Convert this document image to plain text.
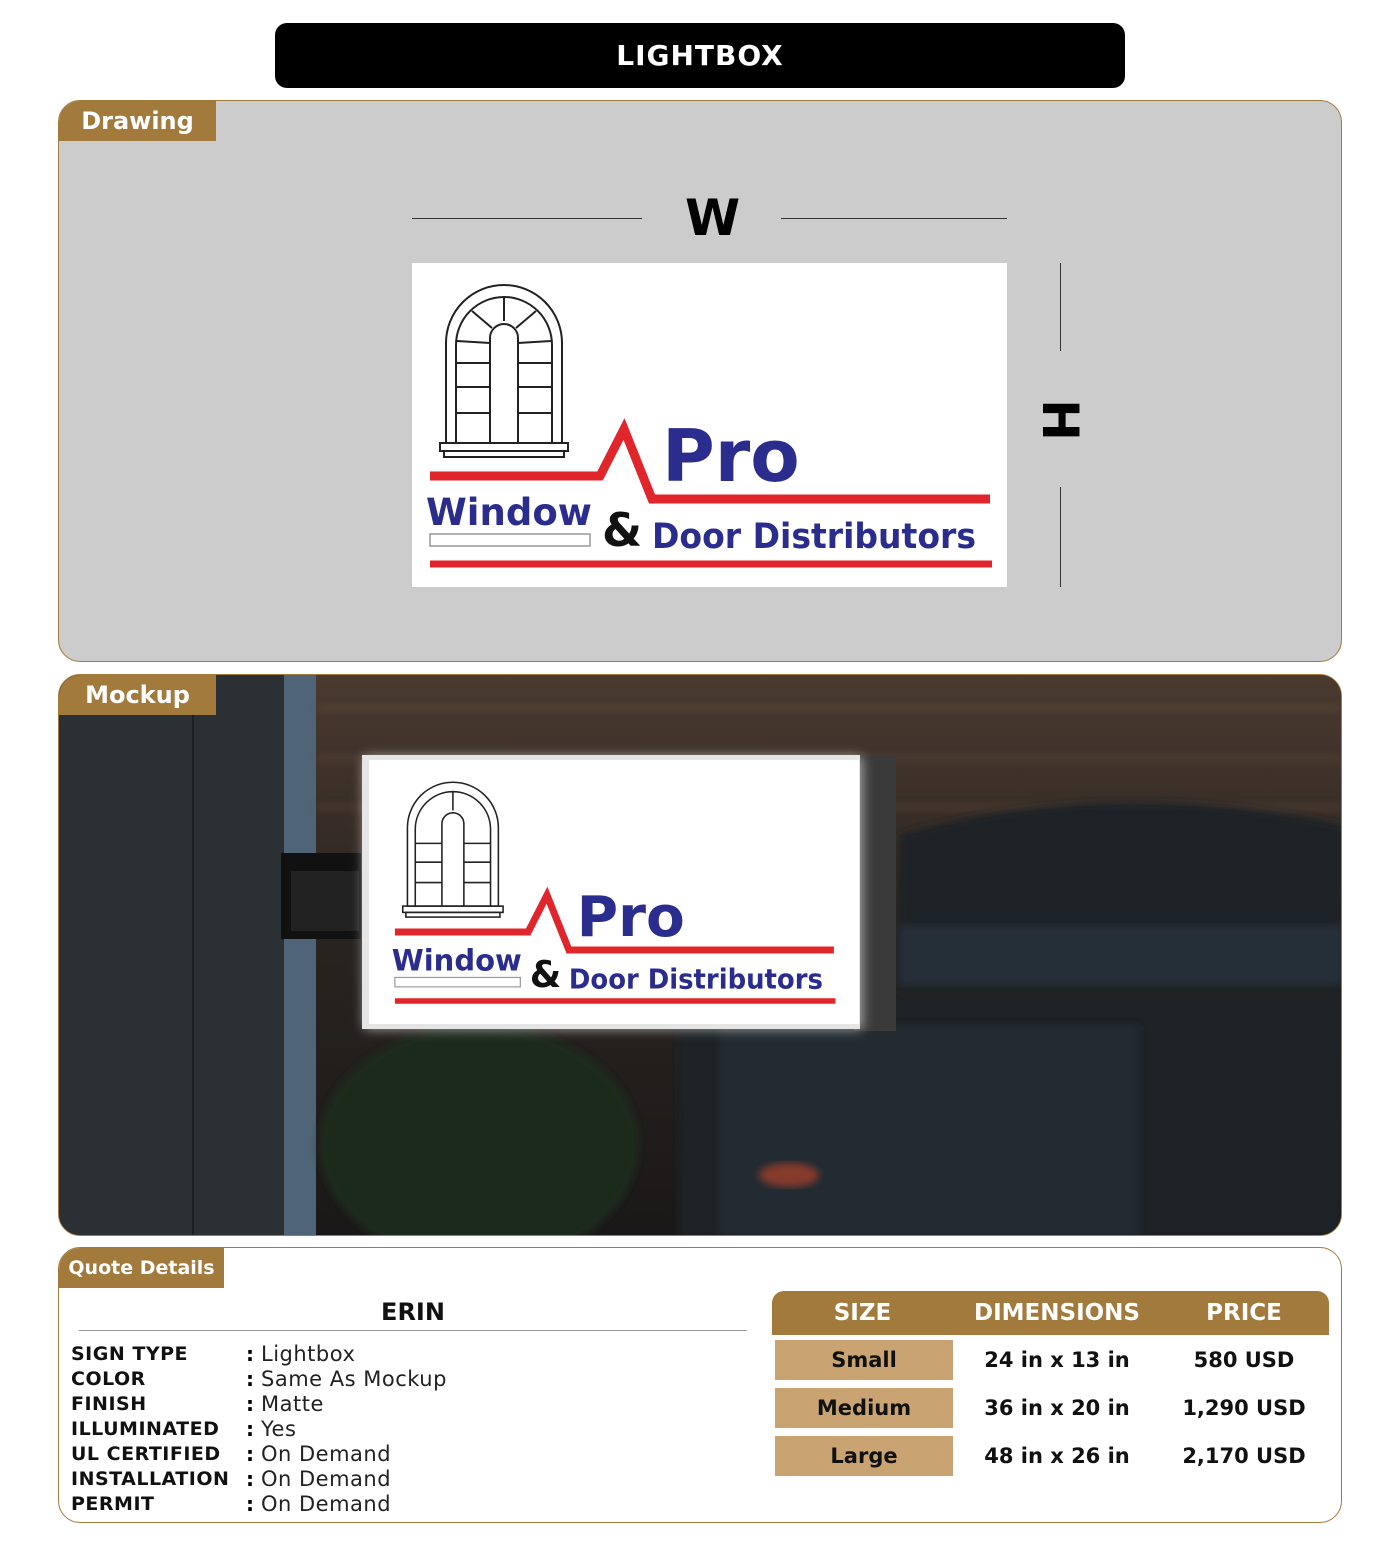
LIGHTBOX
Drawing
W
H
Pro
Window & Door Distributors
Mockup
Pro
Window & Door Distributors
Quote Details
ERIN
SIGN TYPE	: Lightbox
COLOR	: Same As Mockup
FINISH	: Matte
ILLUMINATED	: Yes
UL CERTIFIED	: On Demand
INSTALLATION : On Demand
PERMIT	: On Demand
SIZE	DIMENSIONS	PRICE
Small	24 in x 13 in	580 USD
Medium	36 in x 20 in	1,290 USD
Large	48 in x 26 in	2,170 USD
